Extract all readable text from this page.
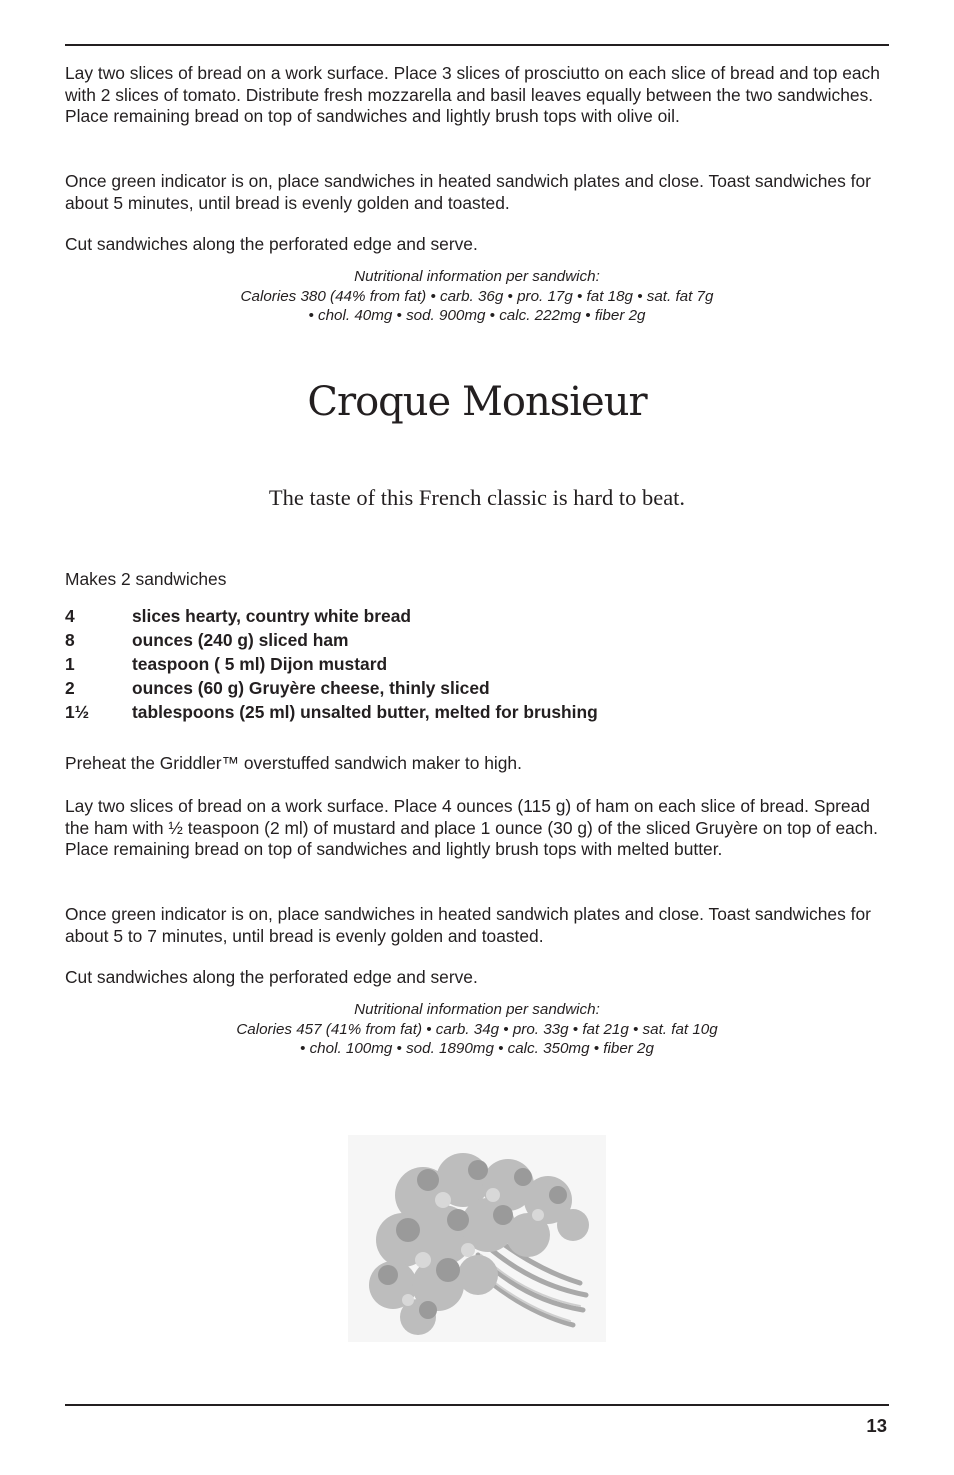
Lay two slices of bread on a work surface. Place 3 slices of prosciutto on each slice of bread and top each with 2 slices of tomato. Distribute fresh mozzarella and basil leaves equally between the two sandwiches. Place remaining bread on top of sandwiches and lightly brush tops with olive oil.

Once green indicator is on, place sandwiches in heated sandwich plates and close. Toast sandwiches for about 5 minutes, until bread is evenly golden and toasted.

Cut sandwiches along the perforated edge and serve.

Nutritional information per sandwich:
Calories 380 (44% from fat) • carb. 36g • pro. 17g • fat 18g • sat. fat 7g
• chol. 40mg • sod. 900mg • calc. 222mg • fiber 2g
Croque Monsieur

The taste of this French classic is hard to beat.

Makes 2 sandwiches

4	slices hearty, country white bread
8	ounces (240 g) sliced ham
1	teaspoon ( 5 ml) Dijon mustard
2	ounces (60 g) Gruyère cheese, thinly sliced
1½	tablespoons (25 ml) unsalted butter, melted for brushing

Preheat the Griddler™ overstuffed sandwich maker to high.

Lay two slices of bread on a work surface. Place 4 ounces (115 g) of ham on each slice of bread. Spread the ham with ½ teaspoon (2 ml) of mustard and place 1 ounce (30 g) of the sliced Gruyère on top of each. Place remaining bread on top of sandwiches and lightly brush tops with melted butter.

Once green indicator is on, place sandwiches in heated sandwich plates and close. Toast sandwiches for about 5 to 7 minutes, until bread is evenly golden and toasted.

Cut sandwiches along the perforated edge and serve.

Nutritional information per sandwich:
Calories 457 (41% from fat) • carb. 34g • pro. 33g • fat 21g • sat. fat 10g
• chol. 100mg • sod. 1890mg • calc. 350mg • fiber 2g
13
